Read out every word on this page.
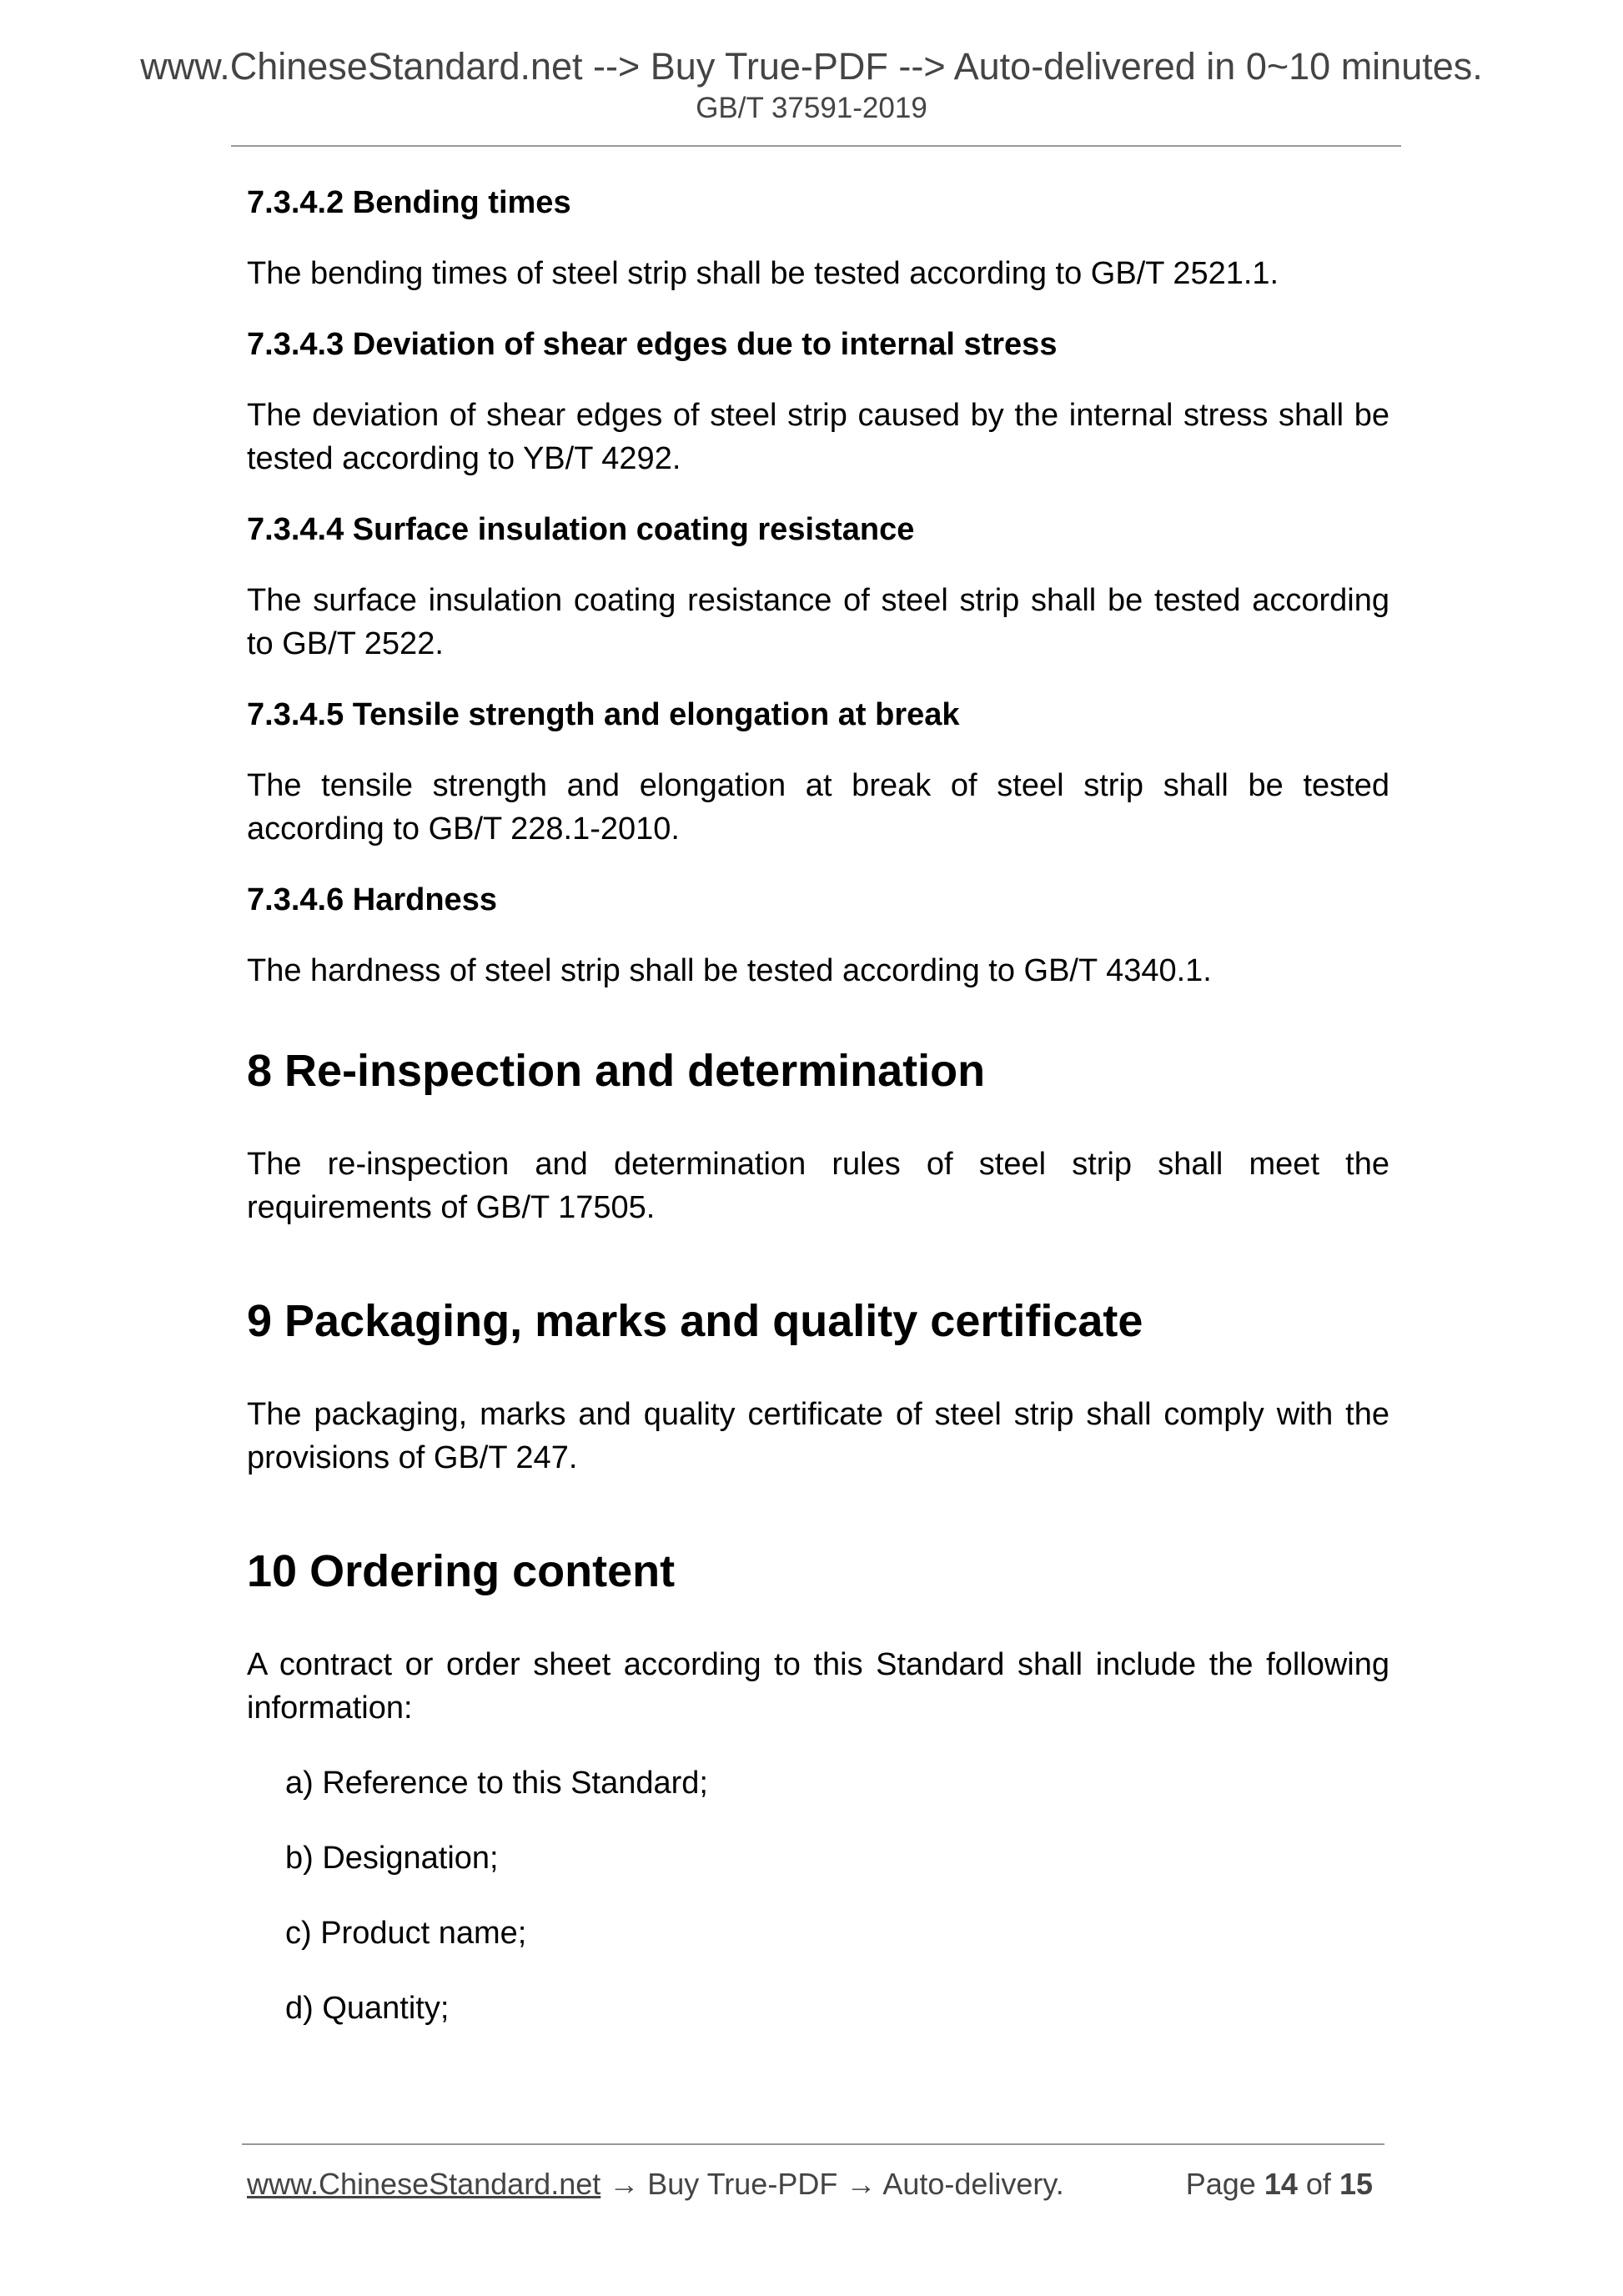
www.ChineseStandard.net --> Buy True-PDF --> Auto-delivered in 0~10 minutes.
GB/T 37591-2019

7.3.4.2 Bending times

The bending times of steel strip shall be tested according to GB/T 2521.1.

7.3.4.3 Deviation of shear edges due to internal stress

The deviation of shear edges of steel strip caused by the internal stress shall be tested according to YB/T 4292.

7.3.4.4 Surface insulation coating resistance

The surface insulation coating resistance of steel strip shall be tested according to GB/T 2522.

7.3.4.5 Tensile strength and elongation at break

The tensile strength and elongation at break of steel strip shall be tested according to GB/T 228.1-2010.

7.3.4.6 Hardness

The hardness of steel strip shall be tested according to GB/T 4340.1.

8 Re-inspection and determination

The re-inspection and determination rules of steel strip shall meet the requirements of GB/T 17505.

9 Packaging, marks and quality certificate

The packaging, marks and quality certificate of steel strip shall comply with the provisions of GB/T 247.

10 Ordering content

A contract or order sheet according to this Standard shall include the following information:

a) Reference to this Standard;

b) Designation;

c) Product name;

d) Quantity;

www.ChineseStandard.net → Buy True-PDF → Auto-delivery.	Page 14 of 15
